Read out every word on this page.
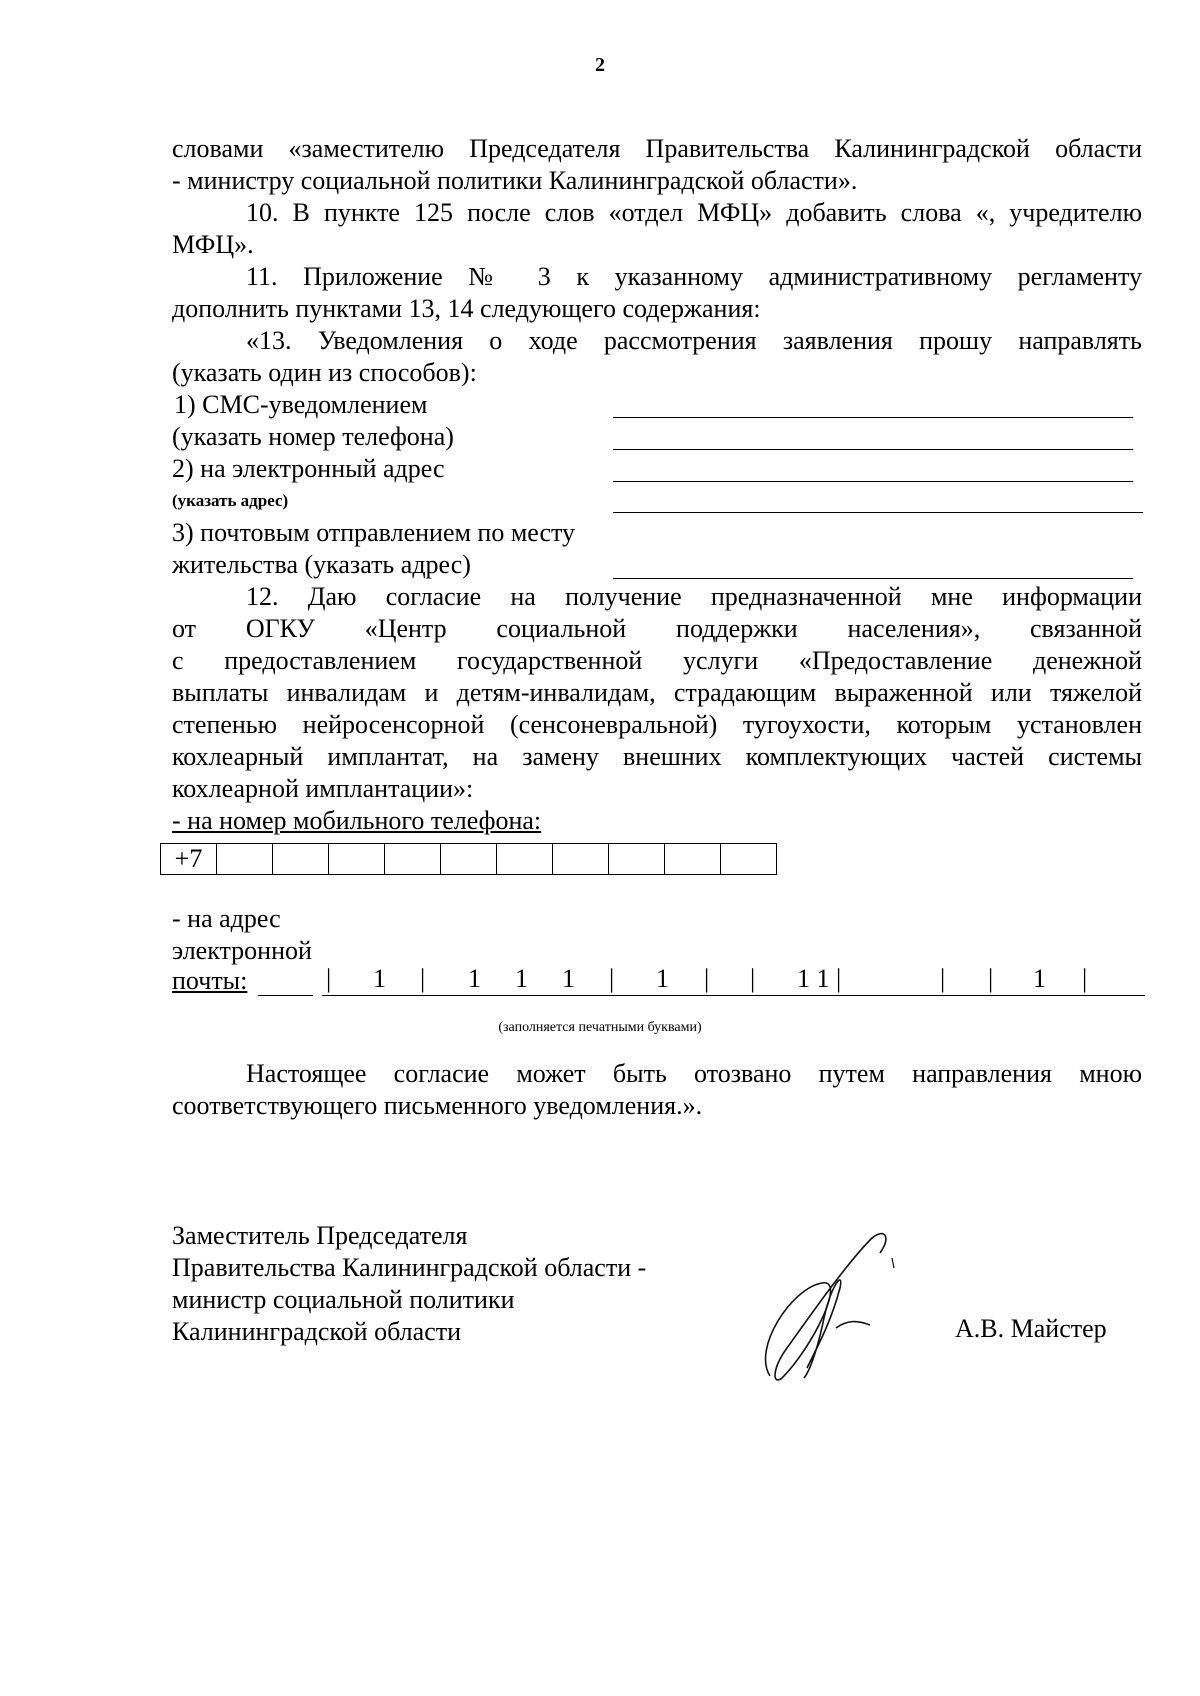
2
словами «заместителю Председателя Правительства Калининградской области
- министру социальной политики Калининградской области».
10. В пункте 125 после слов «отдел МФЦ» добавить слова «, учредителю
МФЦ».
11. Приложение № 3 к указанному административному регламенту
дополнить пунктами 13, 14 следующего содержания:
«13. Уведомления о ходе рассмотрения заявления прошу направлять
(указать один из способов):
1) СМС-уведомлением
(указать номер телефона)
2) на электронный адрес
(указать адрес)
3) почтовым отправлением по месту
жительства (указать адрес)
12. Даю согласие на получение предназначенной мне информации
от ОГКУ «Центр социальной поддержки населения», связанной
с предоставлением государственной услуги «Предоставление денежной
выплаты инвалидам и детям-инвалидам, страдающим выраженной или тяжелой
степенью нейросенсорной (сенсоневральной) тугоухости, которым установлен
кохлеарный имплантат, на замену внешних комплектующих частей системы
кохлеарной имплантации»:
- на номер мобильного телефона:
+7										
- на адрес
электронной
почты:	| 1 | 1 1 1 | 1 | | 1 1 |	| | 1 |
(заполняется печатными буквами)
Настоящее согласие может быть отозвано путем направления мною
соответствующего письменного уведомления.».
Заместитель Председателя
Правительства Калининградской области -
министр социальной политики
Калининградской области	А.В. Майстер
